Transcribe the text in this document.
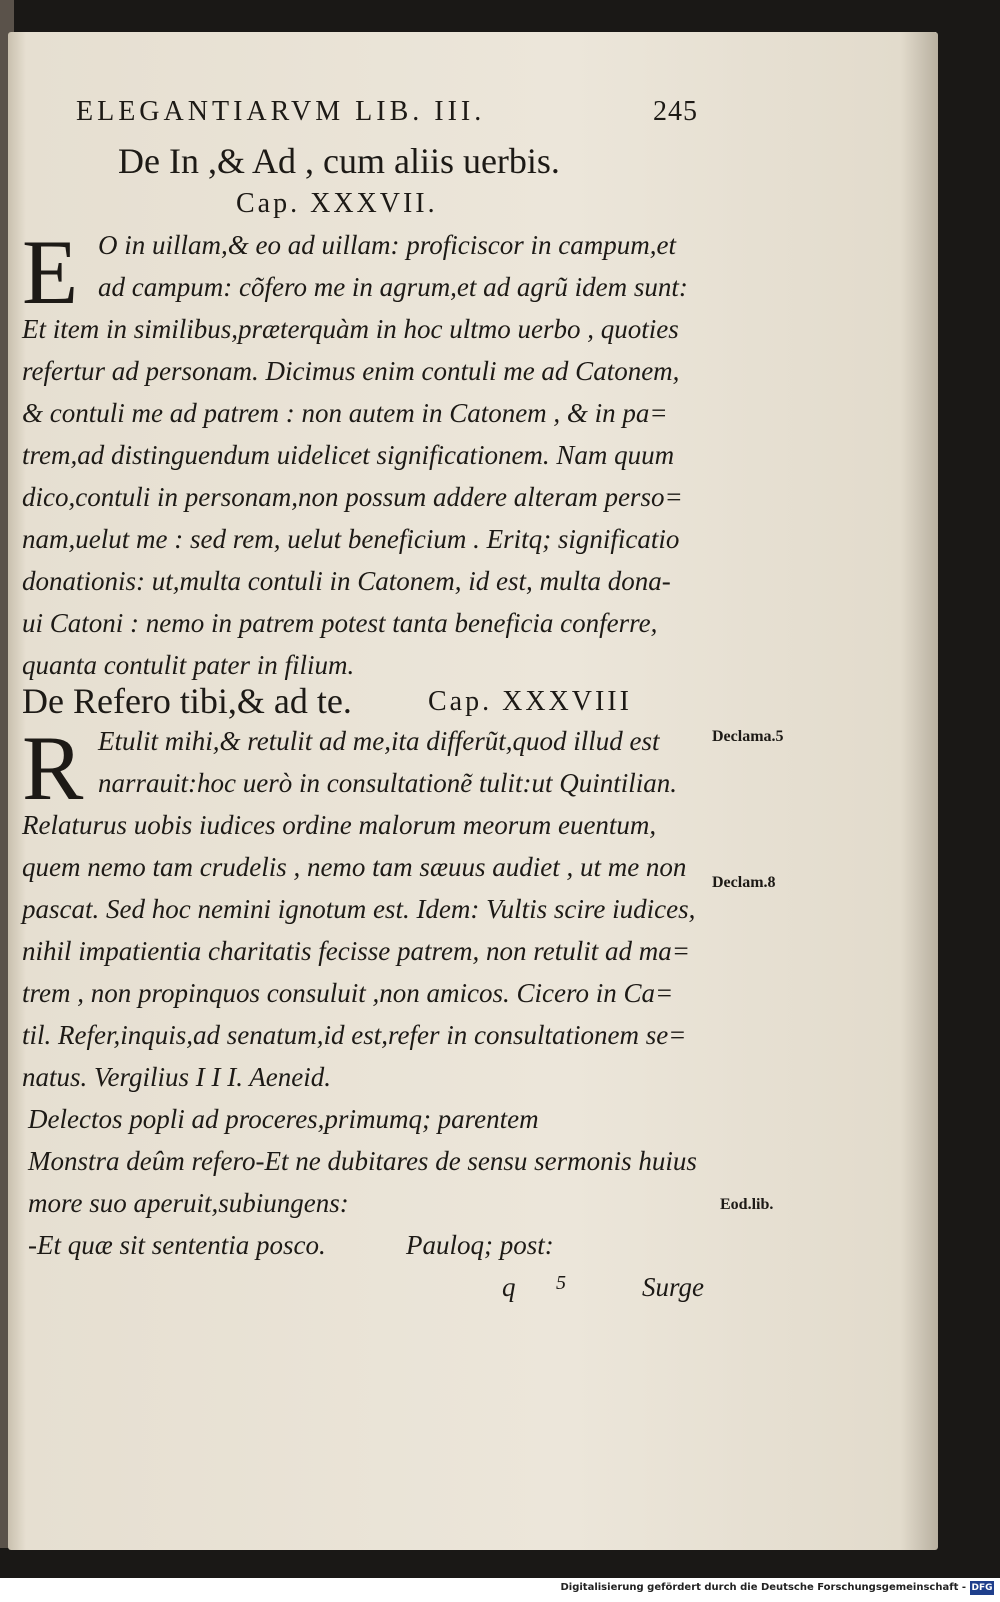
ELEGANTIARVM LIB. III.	245
De In ,& Ad , cum aliis uerbis.
Cap. XXXVII.
E O in uillam,& eo ad uillam: proficiscor in campum,et
ad campum: cõfero me in agrum,et ad agrũ idem sunt:
Et item in similibus,præterquàm in hoc ultmo uerbo , quoties
refertur ad personam. Dicimus enim contuli me ad Catonem,
& contuli me ad patrem : non autem in Catonem , & in pa=
trem,ad distinguendum uidelicet significationem. Nam quum
dico,contuli in personam,non possum addere alteram perso=
nam,uelut me : sed rem, uelut beneficium . Eritq; significatio
donationis: ut,multa contuli in Catonem, id est, multa dona-
ui Catoni : nemo in patrem potest tanta beneficia conferre,
quanta contulit pater in filium.
De Refero tibi,& ad te.	Cap. XXXVIII
R Etulit mihi,& retulit ad me,ita differũt,quod illud est
narrauit:hoc uerò in consultationẽ tulit:ut Quintilian.
Relaturus uobis iudices ordine malorum meorum euentum,
quem nemo tam crudelis , nemo tam sæuus audiet , ut me non
pascat. Sed hoc nemini ignotum est. Idem: Vultis scire iudices,
nihil impatientia charitatis fecisse patrem, non retulit ad ma=
trem , non propinquos consuluit ,non amicos. Cicero in Ca=
til. Refer,inquis,ad senatum,id est,refer in consultationem se=
natus. Vergilius I I I. Aeneid.
Delectos popli ad proceres,primumq; parentem
Monstra deûm refero-Et ne dubitares de sensu sermonis huius
more suo aperuit,subiungens:
-Et quæ sit sententia posco.	Pauloq; post:
Declama.5
Declam.8
Eod.lib.
q 5	Surge
Digitalisierung gefördert durch die Deutsche Forschungsgemeinschaft - DFG
